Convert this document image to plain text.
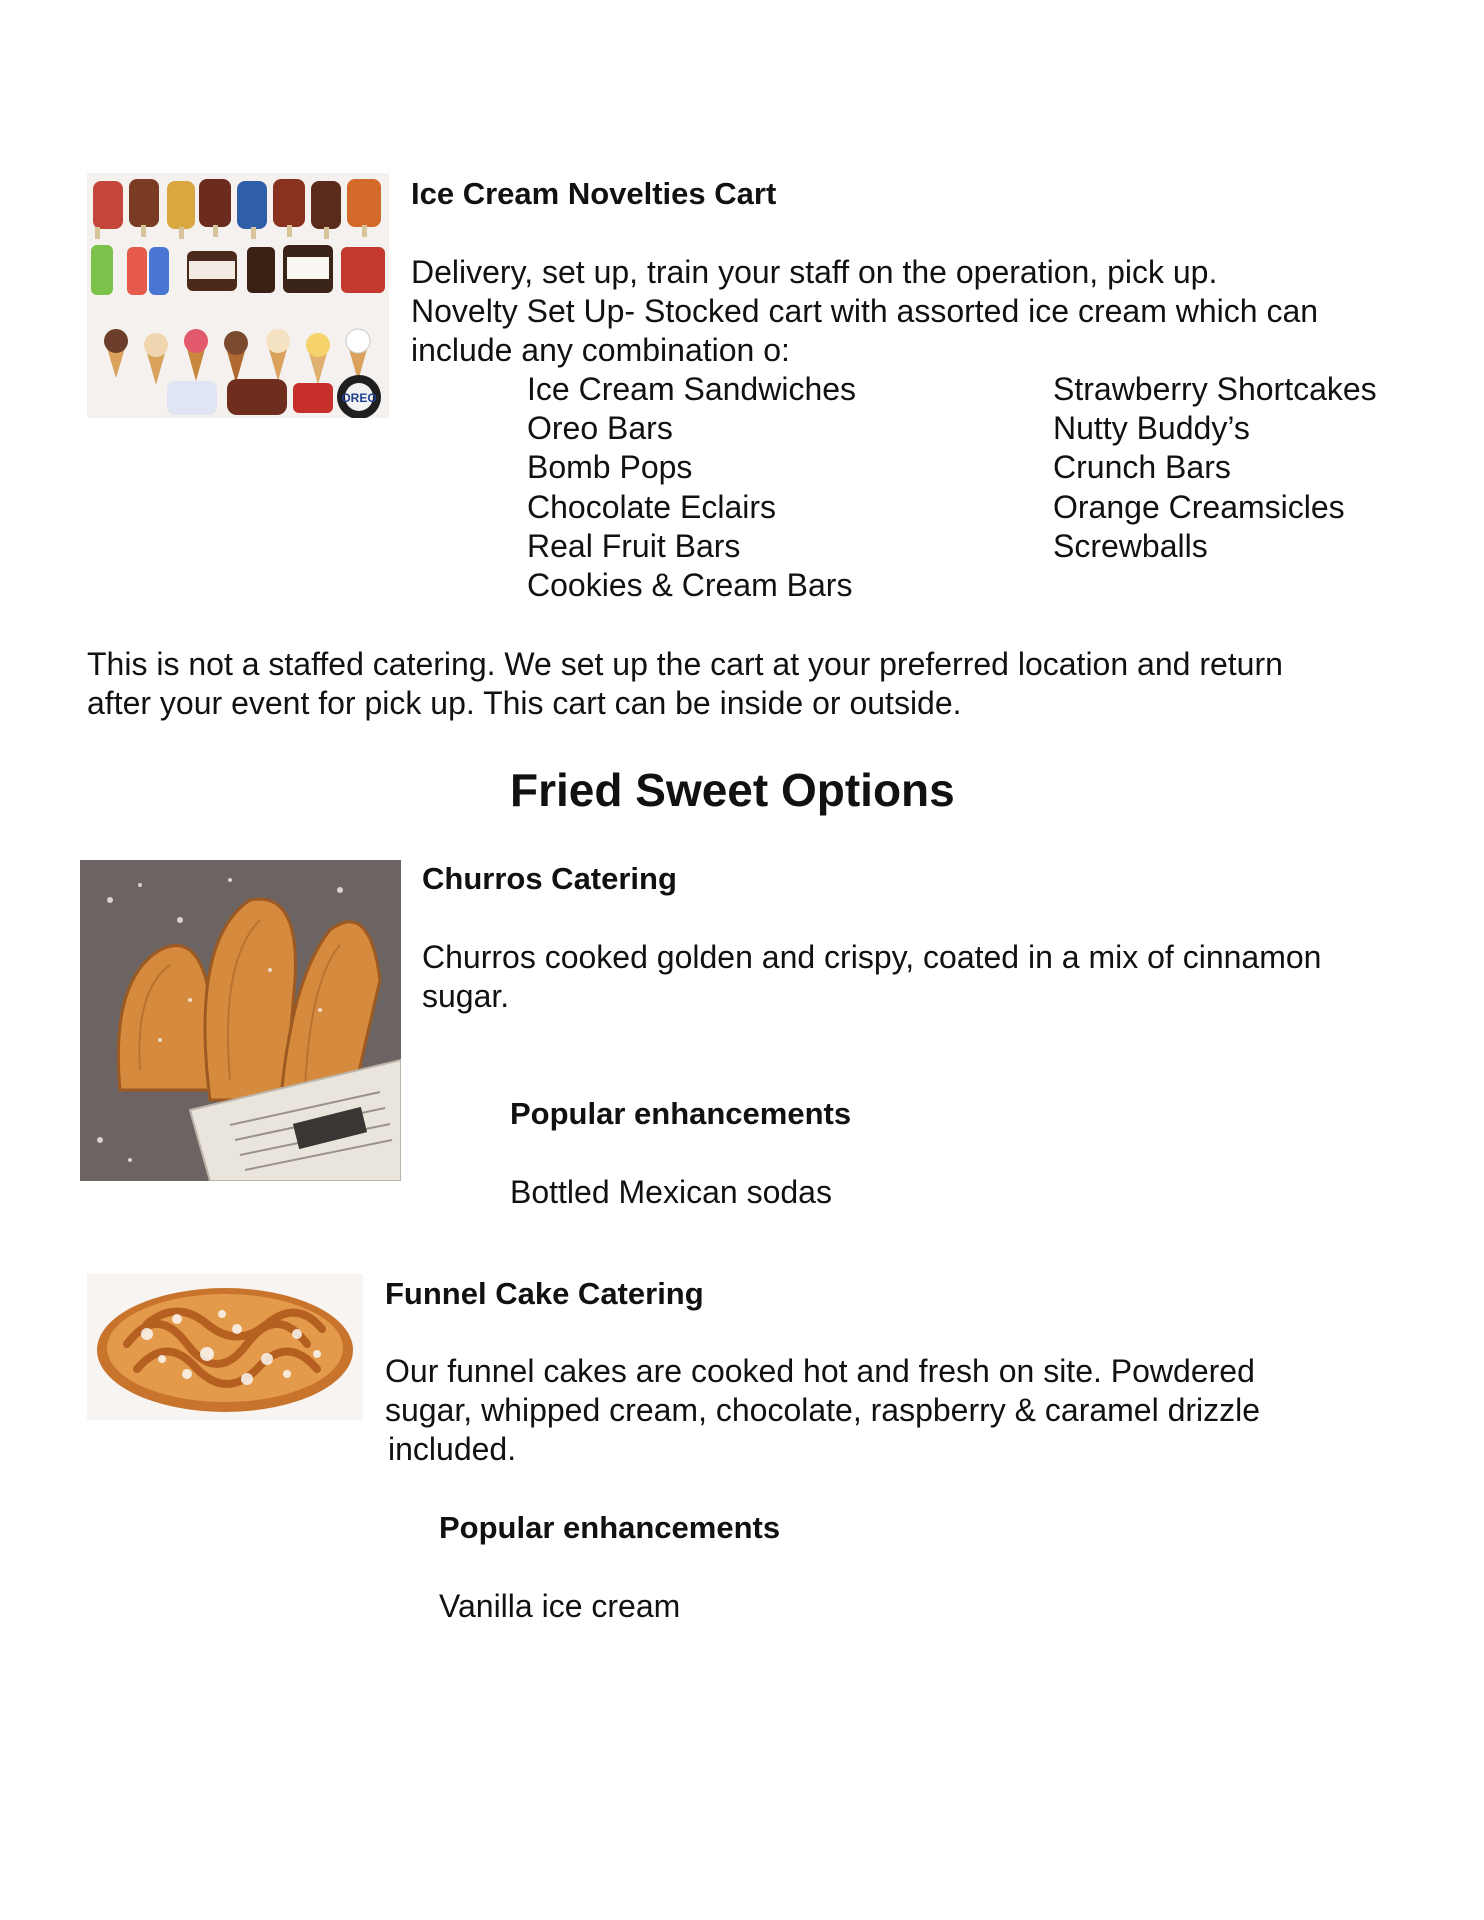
OREO
Ice Cream Novelties Cart
Delivery, set up, train your staff on the operation, pick up.
Novelty Set Up- Stocked cart with assorted ice cream which can
include any combination o:
Ice Cream Sandwiches
Oreo Bars
Bomb Pops
Chocolate Eclairs
Real Fruit Bars
Cookies & Cream Bars
Strawberry Shortcakes
Nutty Buddy’s
Crunch Bars
Orange Creamsicles
Screwballs
This is not a staffed catering. We set up the cart at your preferred location and return
after your event for pick up. This cart can be inside or outside.
Fried Sweet Options
Churros Catering
Churros cooked golden and crispy, coated in a mix of cinnamon
sugar.
Popular enhancements
Bottled Mexican sodas
Funnel Cake Catering
Our funnel cakes are cooked hot and fresh on site. Powdered
sugar, whipped cream, chocolate, raspberry & caramel drizzle
included.
Popular enhancements
Vanilla ice cream
